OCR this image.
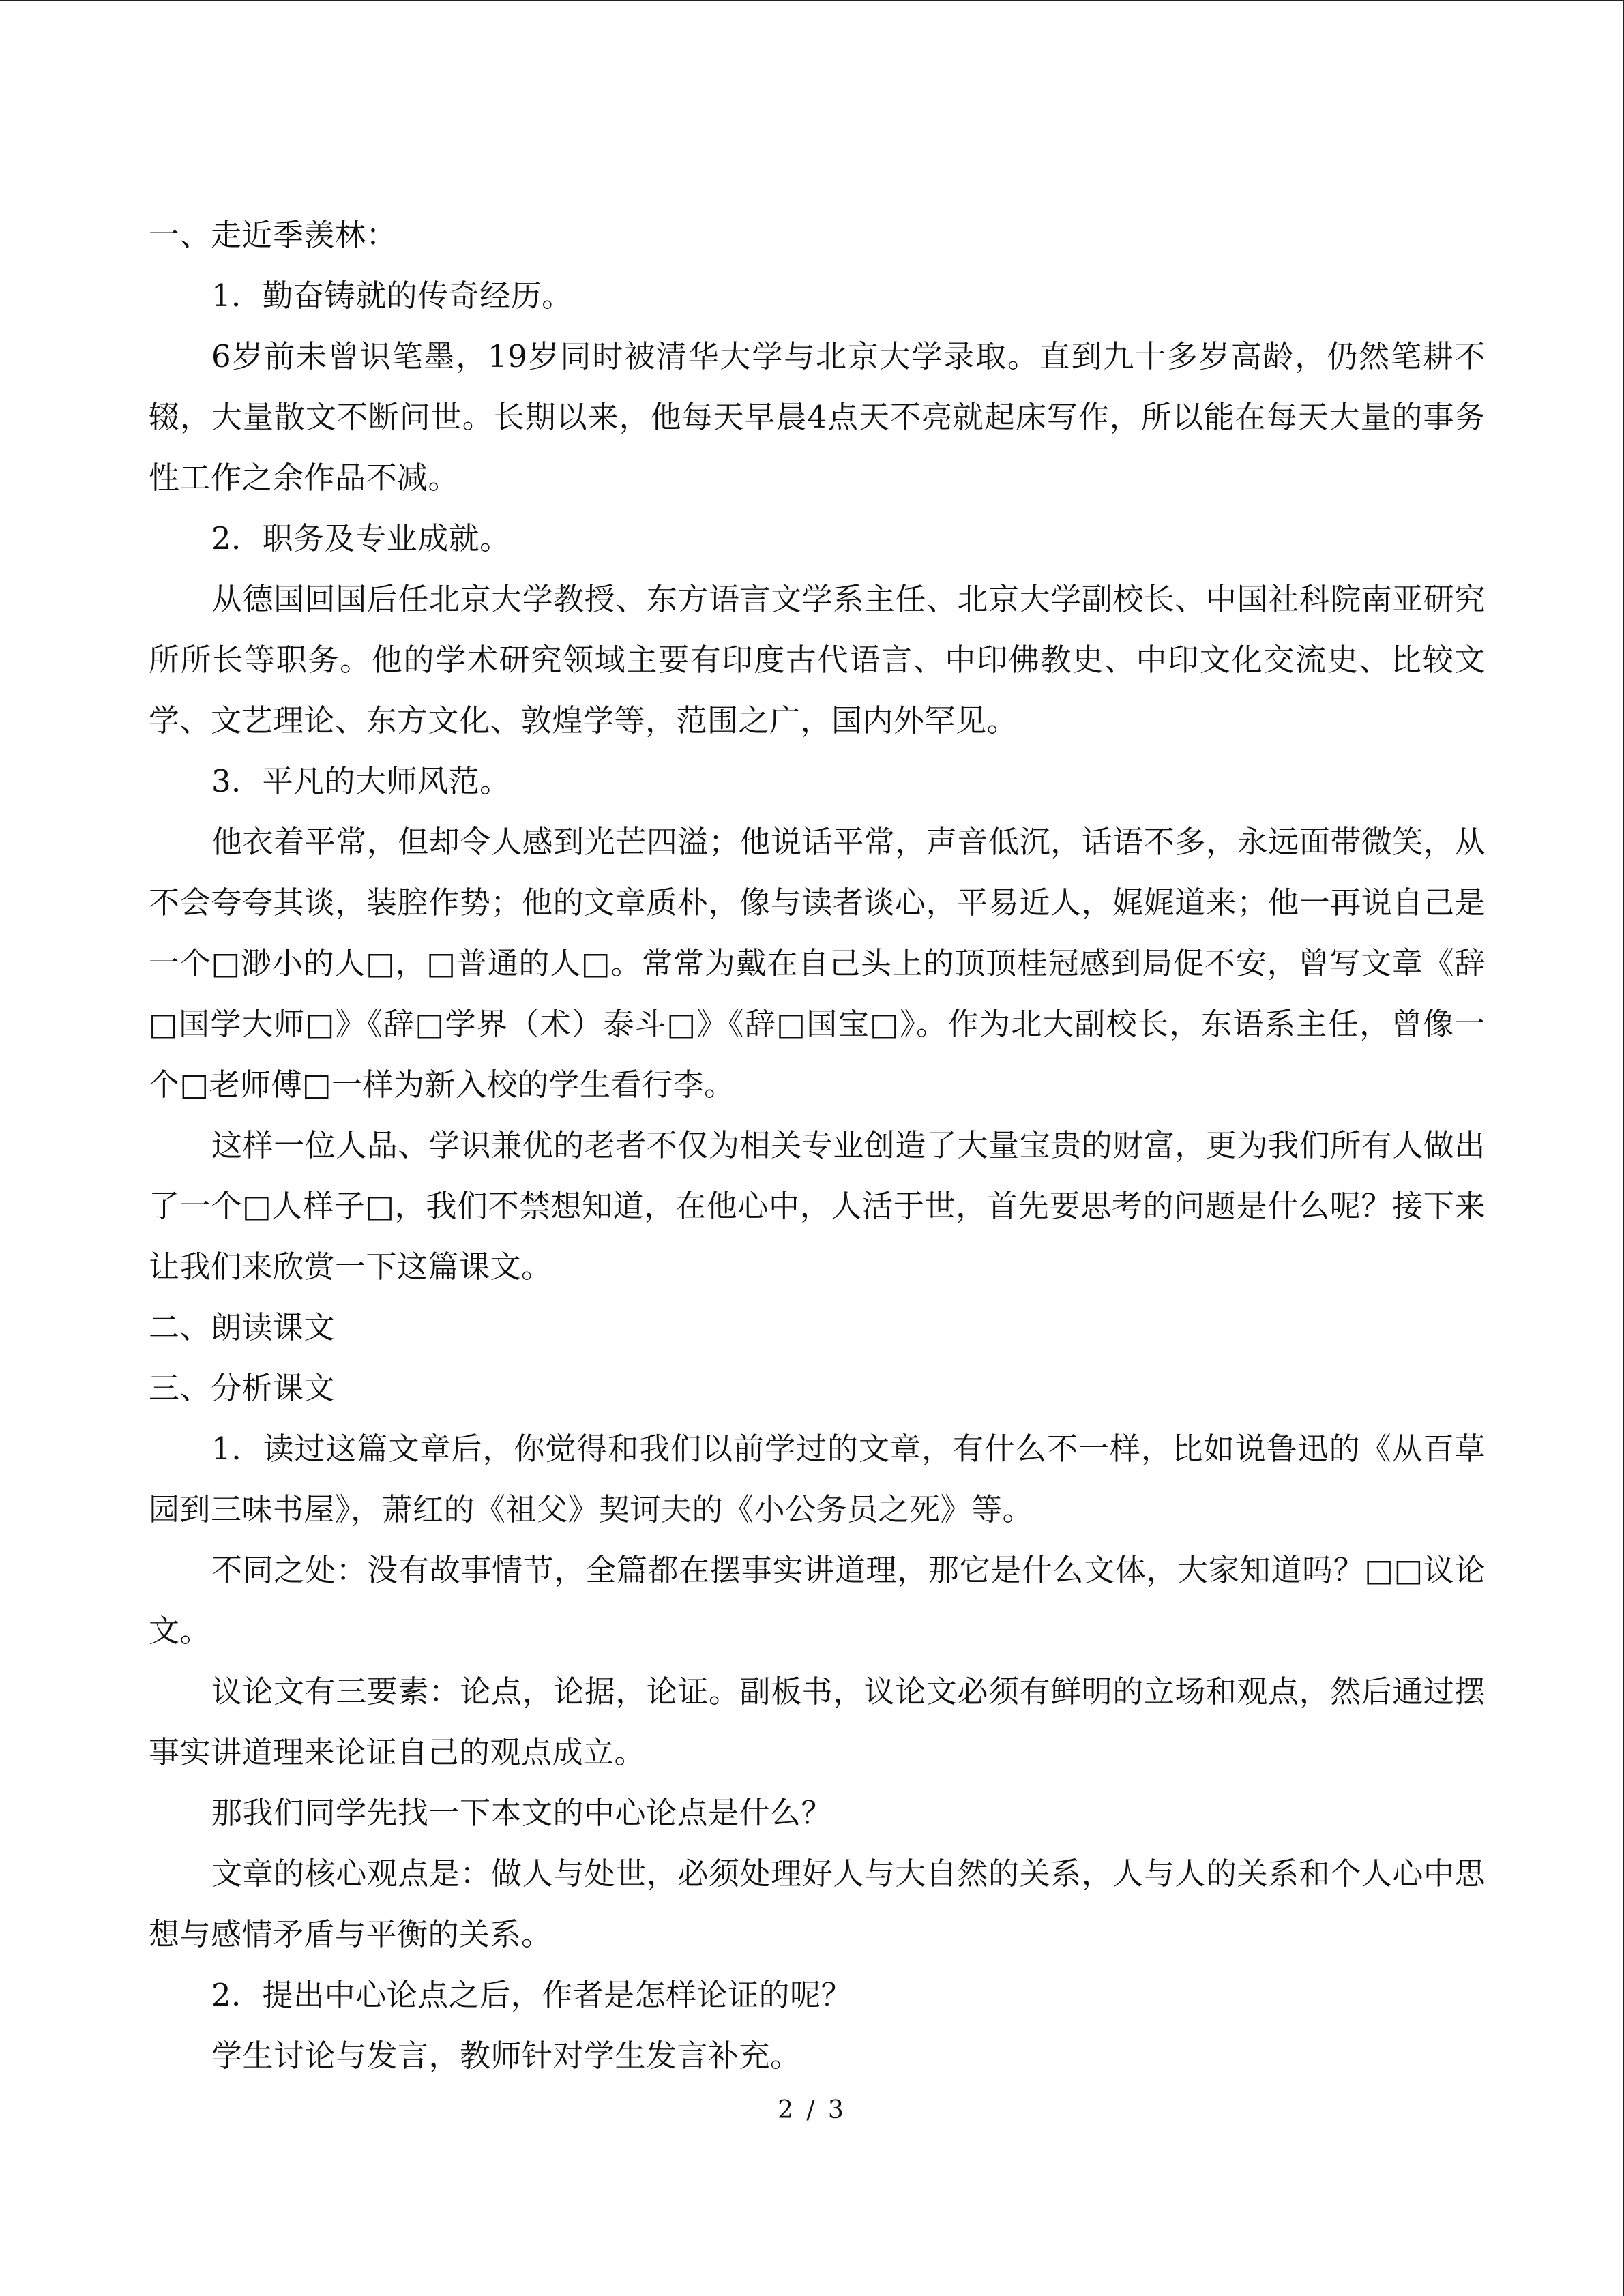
一、走近季羡林：

1．勤奋铸就的传奇经历。

6岁前未曾识笔墨，19岁同时被清华大学与北京大学录取。直到九十多岁高龄，仍然笔耕不辍，大量散文不断问世。长期以来，他每天早晨4点天不亮就起床写作，所以能在每天大量的事务性工作之余作品不减。

2．职务及专业成就。

从德国回国后任北京大学教授、东方语言文学系主任、北京大学副校长、中国社科院南亚研究所所长等职务。他的学术研究领域主要有印度古代语言、中印佛教史、中印文化交流史、比较文学、文艺理论、东方文化、敦煌学等，范围之广，国内外罕见。

3．平凡的大师风范。

他衣着平常，但却令人感到光芒四溢；他说话平常，声音低沉，话语不多，永远面带微笑，从不会夸夸其谈，装腔作势；他的文章质朴，像与读者谈心，平易近人，娓娓道来；他一再说自己是一个□渺小的人□，□普通的人□。常常为戴在自己头上的顶顶桂冠感到局促不安，曾写文章《辞□国学大师□》《辞□学界（术）泰斗□》《辞□国宝□》。作为北大副校长，东语系主任，曾像一个□老师傅□一样为新入校的学生看行李。

这样一位人品、学识兼优的老者不仅为相关专业创造了大量宝贵的财富，更为我们所有人做出了一个□人样子□，我们不禁想知道，在他心中，人活于世，首先要思考的问题是什么呢？接下来让我们来欣赏一下这篇课文。

二、朗读课文

三、分析课文

1．读过这篇文章后，你觉得和我们以前学过的文章，有什么不一样，比如说鲁迅的《从百草园到三味书屋》，萧红的《祖父》契诃夫的《小公务员之死》等。

不同之处：没有故事情节，全篇都在摆事实讲道理，那它是什么文体，大家知道吗？□□议论文。

议论文有三要素：论点，论据，论证。副板书，议论文必须有鲜明的立场和观点，然后通过摆事实讲道理来论证自己的观点成立。

那我们同学先找一下本文的中心论点是什么？

文章的核心观点是：做人与处世，必须处理好人与大自然的关系，人与人的关系和个人心中思想与感情矛盾与平衡的关系。

2．提出中心论点之后，作者是怎样论证的呢？

学生讨论与发言，教师针对学生发言补充。

2 / 3
